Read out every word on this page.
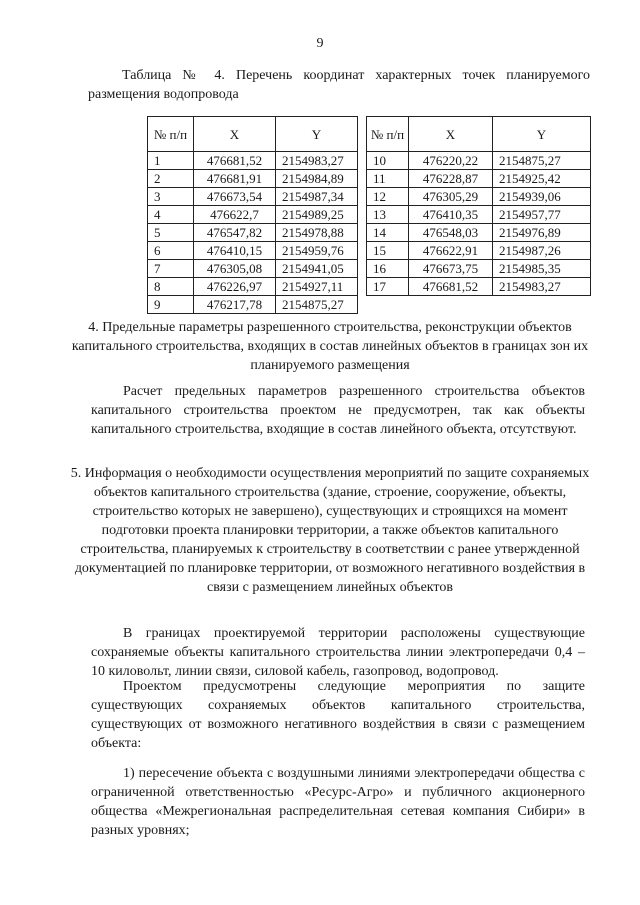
9
Таблица № 4. Перечень координат характерных точек планируемого
размещения водопровода
№ п/п	X	Y
1	476681,52	2154983,27
2	476681,91	2154984,89
3	476673,54	2154987,34
4	476622,7	2154989,25
5	476547,82	2154978,88
6	476410,15	2154959,76
7	476305,08	2154941,05
8	476226,97	2154927,11
9	476217,78	2154875,27
№ п/п	X	Y
10	476220,22	2154875,27
11	476228,87	2154925,42
12	476305,29	2154939,06
13	476410,35	2154957,77
14	476548,03	2154976,89
15	476622,91	2154987,26
16	476673,75	2154985,35
17	476681,52	2154983,27
4. Предельные параметры разрешенного строительства, реконструкции объектов капитального строительства, входящих в состав линейных объектов в границах зон их планируемого размещения
Расчет предельных параметров разрешенного строительства объектов капитального строительства проектом не предусмотрен, так как объекты капитального строительства, входящие в состав линейного объекта, отсутствуют.
5. Информация о необходимости осуществления мероприятий по защите сохраняемых объектов капитального строительства (здание, строение, сооружение, объекты, строительство которых не завершено), существующих и строящихся на момент подготовки проекта планировки территории, а также объектов капитального строительства, планируемых к строительству в соответствии с ранее утвержденной документацией по планировке территории, от возможного негативного воздействия в связи с размещением линейных объектов
В границах проектируемой территории расположены существующие сохраняемые объекты капитального строительства линии электропередачи 0,4 – 10 киловольт, линии связи, силовой кабель, газопровод, водопровод.
Проектом предусмотрены следующие мероприятия по защите существующих сохраняемых объектов капитального строительства, существующих от возможного негативного воздействия в связи с размещением объекта:
1) пересечение объекта с воздушными линиями электропередачи общества с ограниченной ответственностью «Ресурс-Агро» и публичного акционерного общества «Межрегиональная распределительная сетевая компания Сибири» в разных уровнях;
